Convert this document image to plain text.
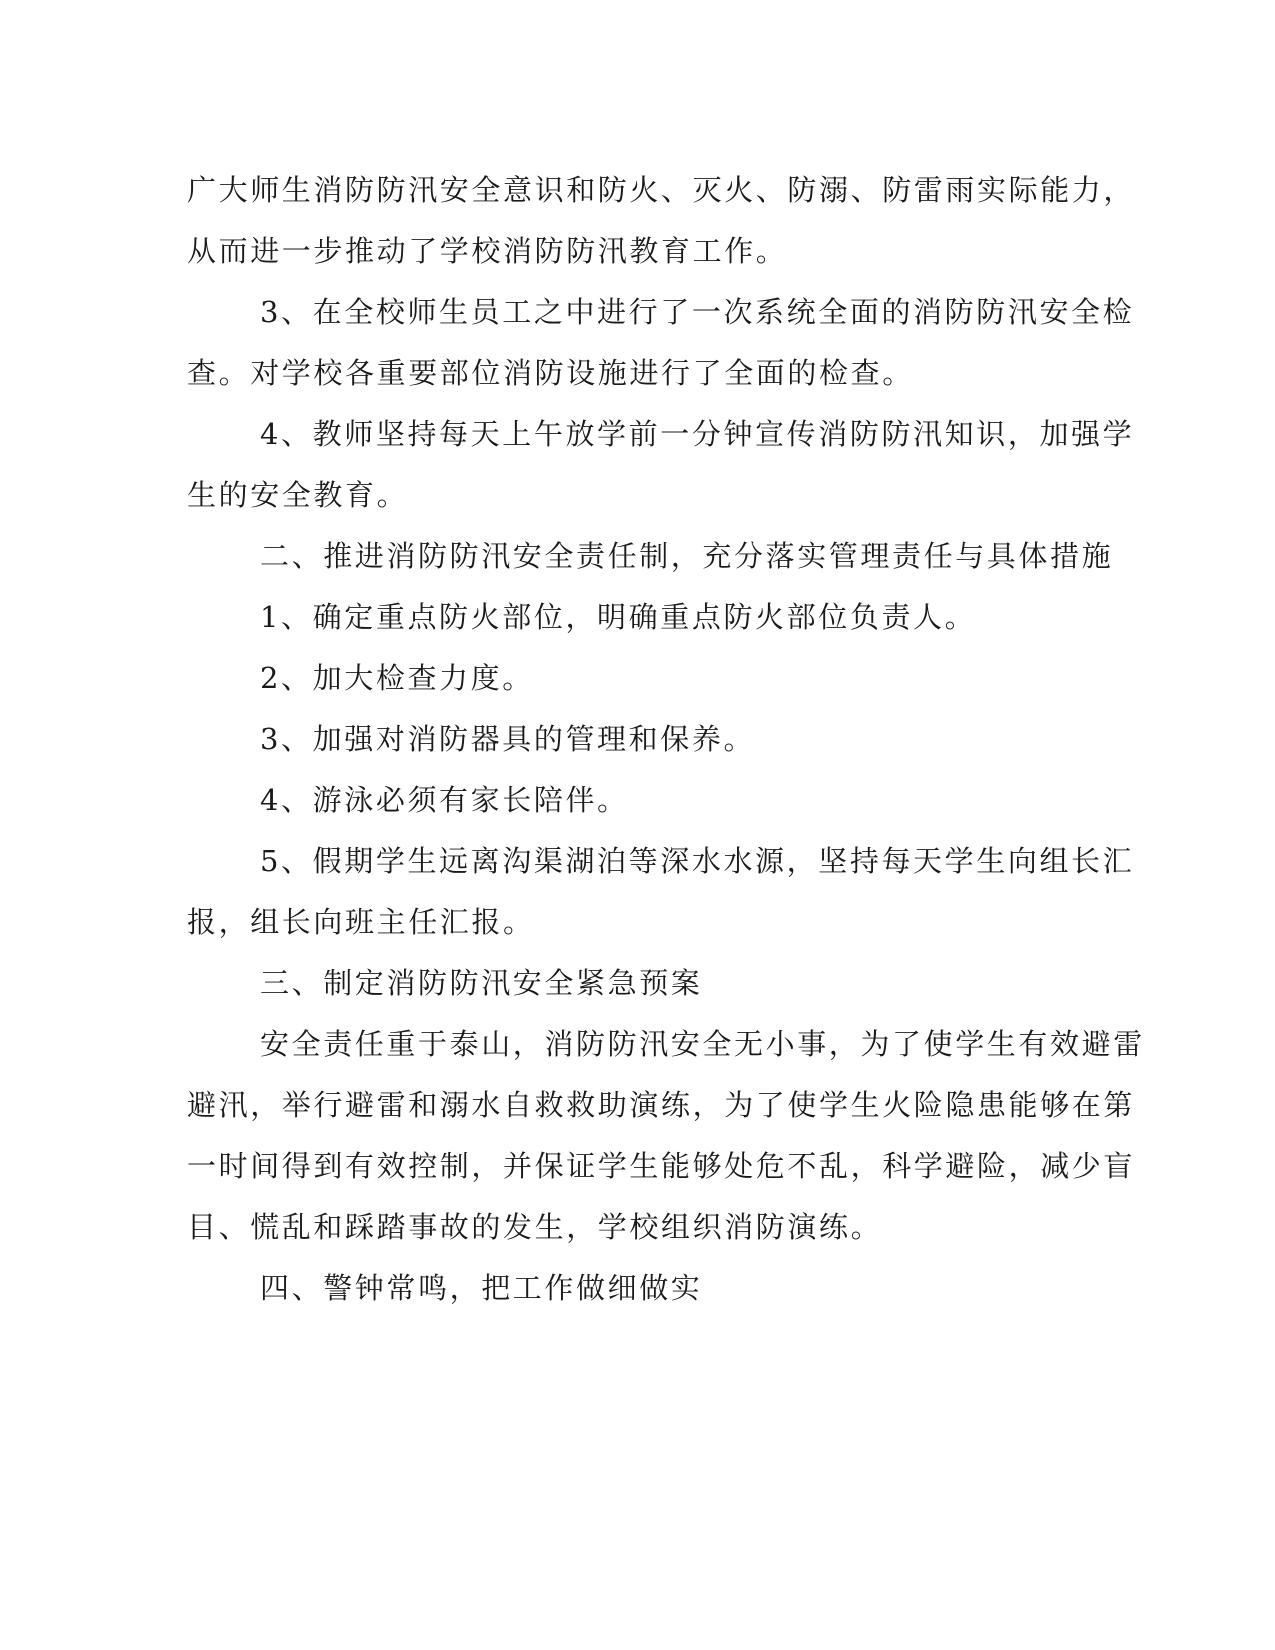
广大师生消防防汛安全意识和防火、灭火、防溺、防雷雨实际能力，

从而进一步推动了学校消防防汛教育工作。

3、在全校师生员工之中进行了一次系统全面的消防防汛安全检

查。对学校各重要部位消防设施进行了全面的检查。

4、教师坚持每天上午放学前一分钟宣传消防防汛知识，加强学

生的安全教育。

二、推进消防防汛安全责任制，充分落实管理责任与具体措施

1、确定重点防火部位，明确重点防火部位负责人。

2、加大检查力度。

3、加强对消防器具的管理和保养。

4、游泳必须有家长陪伴。

5、假期学生远离沟渠湖泊等深水水源，坚持每天学生向组长汇

报，组长向班主任汇报。

三、制定消防防汛安全紧急预案

安全责任重于泰山，消防防汛安全无小事，为了使学生有效避雷

避汛，举行避雷和溺水自救救助演练，为了使学生火险隐患能够在第

一时间得到有效控制，并保证学生能够处危不乱，科学避险，减少盲

目、慌乱和踩踏事故的发生，学校组织消防演练。

四、警钟常鸣，把工作做细做实
